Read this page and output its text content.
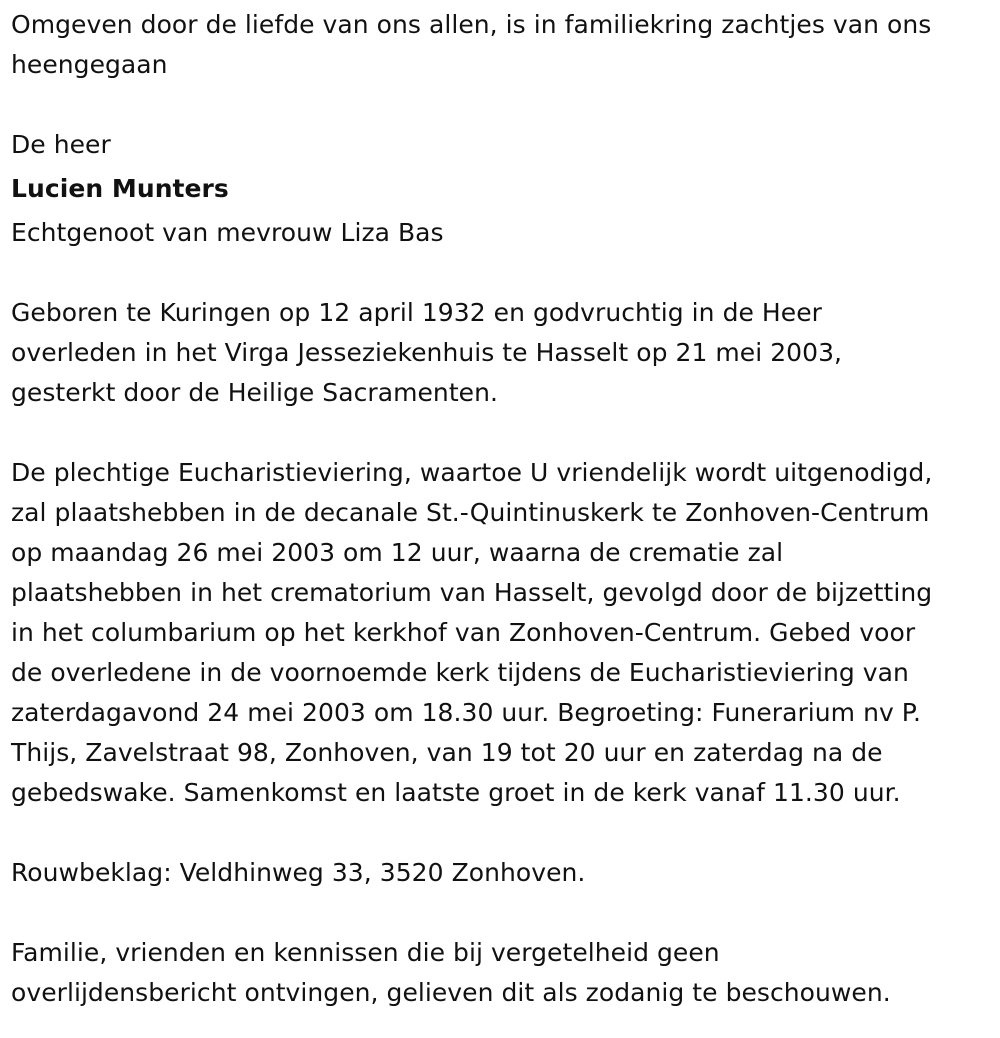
Omgeven door de liefde van ons allen, is in familiekring zachtjes van ons
heengegaan

De heer
Lucien Munters
Echtgenoot van mevrouw Liza Bas

Geboren te Kuringen op 12 april 1932 en godvruchtig in de Heer
overleden in het Virga Jesseziekenhuis te Hasselt op 21 mei 2003,
gesterkt door de Heilige Sacramenten.

De plechtige Eucharistieviering, waartoe U vriendelijk wordt uitgenodigd,
zal plaatshebben in de decanale St.-Quintinuskerk te Zonhoven-Centrum
op maandag 26 mei 2003 om 12 uur, waarna de crematie zal
plaatshebben in het crematorium van Hasselt, gevolgd door de bijzetting
in het columbarium op het kerkhof van Zonhoven-Centrum. Gebed voor
de overledene in de voornoemde kerk tijdens de Eucharistieviering van
zaterdagavond 24 mei 2003 om 18.30 uur. Begroeting: Funerarium nv P.
Thijs, Zavelstraat 98, Zonhoven, van 19 tot 20 uur en zaterdag na de
gebedswake. Samenkomst en laatste groet in de kerk vanaf 11.30 uur.

Rouwbeklag: Veldhinweg 33, 3520 Zonhoven.

Familie, vrienden en kennissen die bij vergetelheid geen
overlijdensbericht ontvingen, gelieven dit als zodanig te beschouwen.
